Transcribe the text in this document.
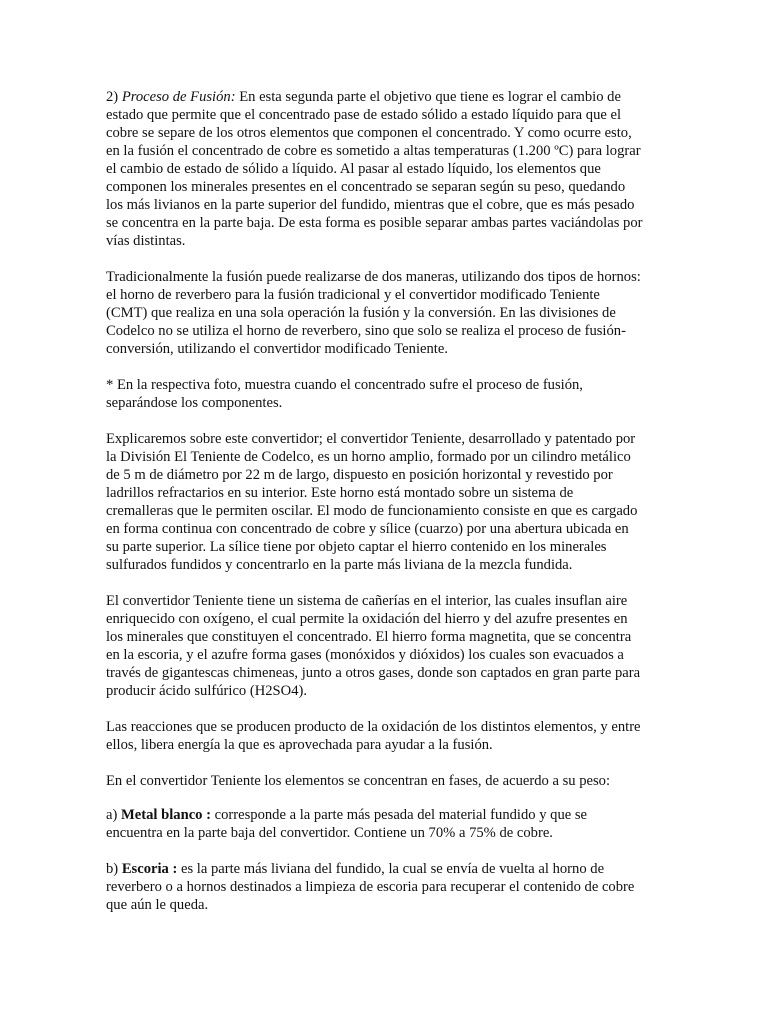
2) Proceso de Fusión: En esta segunda parte el objetivo que tiene es lograr el cambio de
estado que permite que el concentrado pase de estado sólido a estado líquido para que el
cobre se separe de los otros elementos que componen el concentrado. Y como ocurre esto,
en la fusión el concentrado de cobre es sometido a altas temperaturas (1.200 ºC) para lograr
el cambio de estado de sólido a líquido. Al pasar al estado líquido, los elementos que
componen los minerales presentes en el concentrado se separan según su peso, quedando
los más livianos en la parte superior del fundido, mientras que el cobre, que es más pesado
se concentra en la parte baja. De esta forma es posible separar ambas partes vaciándolas por
vías distintas.

Tradicionalmente la fusión puede realizarse de dos maneras, utilizando dos tipos de hornos:
el horno de reverbero para la fusión tradicional y el convertidor modificado Teniente
(CMT) que realiza en una sola operación la fusión y la conversión. En las divisiones de
Codelco no se utiliza el horno de reverbero, sino que solo se realiza el proceso de fusión-
conversión, utilizando el convertidor modificado Teniente.

* En la respectiva foto, muestra cuando el concentrado sufre el proceso de fusión,
separándose los componentes.

Explicaremos sobre este convertidor; el convertidor Teniente, desarrollado y patentado por
la División El Teniente de Codelco, es un horno amplio, formado por un cilindro metálico
de 5 m de diámetro por 22 m de largo, dispuesto en posición horizontal y revestido por
ladrillos refractarios en su interior. Este horno está montado sobre un sistema de
cremalleras que le permiten oscilar. El modo de funcionamiento consiste en que es cargado
en forma continua con concentrado de cobre y sílice (cuarzo) por una abertura ubicada en
su parte superior. La sílice tiene por objeto captar el hierro contenido en los minerales
sulfurados fundidos y concentrarlo en la parte más liviana de la mezcla fundida.

El convertidor Teniente tiene un sistema de cañerías en el interior, las cuales insuflan aire
enriquecido con oxígeno, el cual permite la oxidación del hierro y del azufre presentes en
los minerales que constituyen el concentrado. El hierro forma magnetita, que se concentra
en la escoria, y el azufre forma gases (monóxidos y dióxidos) los cuales son evacuados a
través de gigantescas chimeneas, junto a otros gases, donde son captados en gran parte para
producir ácido sulfúrico (H2SO4).

Las reacciones que se producen producto de la oxidación de los distintos elementos, y entre
ellos, libera energía la que es aprovechada para ayudar a la fusión.

En el convertidor Teniente los elementos se concentran en fases, de acuerdo a su peso:

a) Metal blanco : corresponde a la parte más pesada del material fundido y que se
encuentra en la parte baja del convertidor. Contiene un 70% a 75% de cobre.

b) Escoria : es la parte más liviana del fundido, la cual se envía de vuelta al horno de
reverbero o a hornos destinados a limpieza de escoria para recuperar el contenido de cobre
que aún le queda.
